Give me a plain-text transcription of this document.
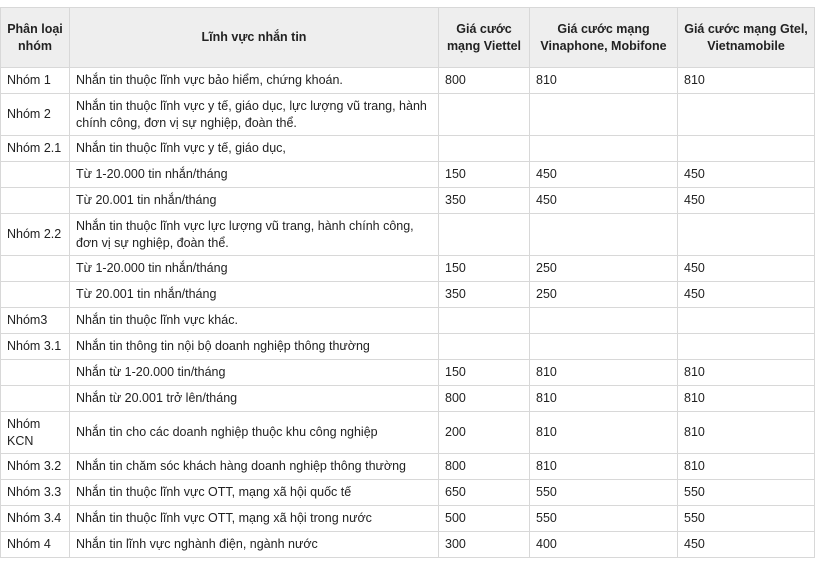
Phân loại nhóm	Lĩnh vực nhắn tin	Giá cước mạng Viettel	Giá cước mạng Vinaphone, Mobifone	Giá cước mạng Gtel, Vietnamobile
Nhóm 1	Nhắn tin thuộc lĩnh vực bảo hiểm, chứng khoán.	800	810	810
Nhóm 2	Nhắn tin thuộc lĩnh vực y tế, giáo dục, lực lượng vũ trang, hành chính công, đơn vị sự nghiệp, đoàn thể.			
Nhóm 2.1	Nhắn tin thuộc lĩnh vực y tế, giáo dục,			
	Từ 1-20.000 tin nhắn/tháng	150	450	450
	Từ 20.001 tin nhắn/tháng	350	450	450
Nhóm 2.2	Nhắn tin thuộc lĩnh vực lực lượng vũ trang, hành chính công, đơn vị sự nghiệp, đoàn thể.			
	Từ 1-20.000 tin nhắn/tháng	150	250	450
	Từ 20.001 tin nhắn/tháng	350	250	450
Nhóm3	Nhắn tin thuộc lĩnh vực khác.			
Nhóm 3.1	Nhắn tin thông tin nội bộ doanh nghiệp thông thường			
	Nhắn từ 1-20.000 tin/tháng	150	810	810
	Nhắn từ 20.001 trở lên/tháng	800	810	810
Nhóm KCN	Nhắn tin cho các doanh nghiệp thuộc khu công nghiệp	200	810	810
Nhóm 3.2	Nhắn tin chăm sóc khách hàng doanh nghiệp thông thường	800	810	810
Nhóm 3.3	Nhắn tin thuộc lĩnh vực OTT, mạng xã hội quốc tế	650	550	550
Nhóm 3.4	Nhắn tin thuộc lĩnh vực OTT, mạng xã hội trong nước	500	550	550
Nhóm 4	Nhắn tin lĩnh vực nghành điện, ngành nước	300	400	450
